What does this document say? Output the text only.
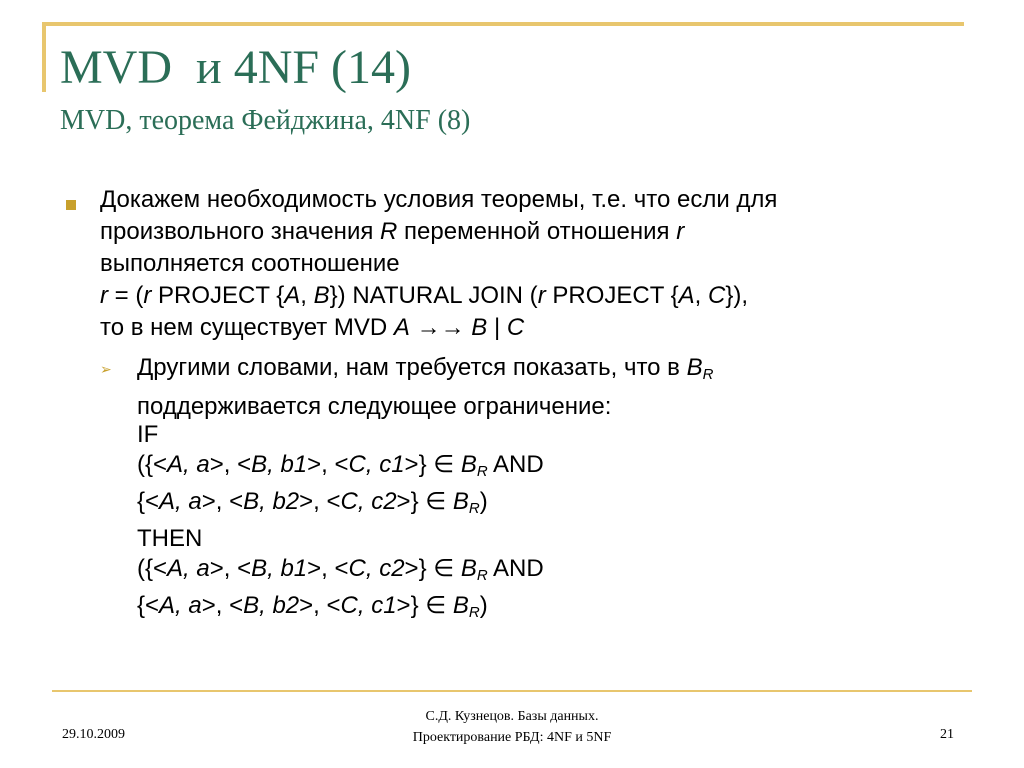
MVD  и 4NF (14)
MVD, теорема Фейджина, 4NF (8)
Докажем необходимость условия теоремы, т.е. что если для
произвольного значения R переменной отношения r
выполняется соотношение
r = (r PROJECT {A, B}) NATURAL JOIN (r PROJECT {A, C}),
то в нем существует MVD A →→ B | C
➢ Другими словами, нам требуется показать, что в $B_R$
поддерживается следующее ограничение:
IF
({<A, a>, <B, b1>, <C, c1>} ∈ $B_R$ AND
{<A, a>, <B, b2>, <C, c2>} ∈ $B_R$)
THEN
({<A, a>, <B, b1>, <C, c2>} ∈ $B_R$ AND
{<A, a>, <B, b2>, <C, c1>} ∈ $B_R$)
29.10.2009
С.Д. Кузнецов. Базы данных.
Проектирование РБД: 4NF и 5NF	21
